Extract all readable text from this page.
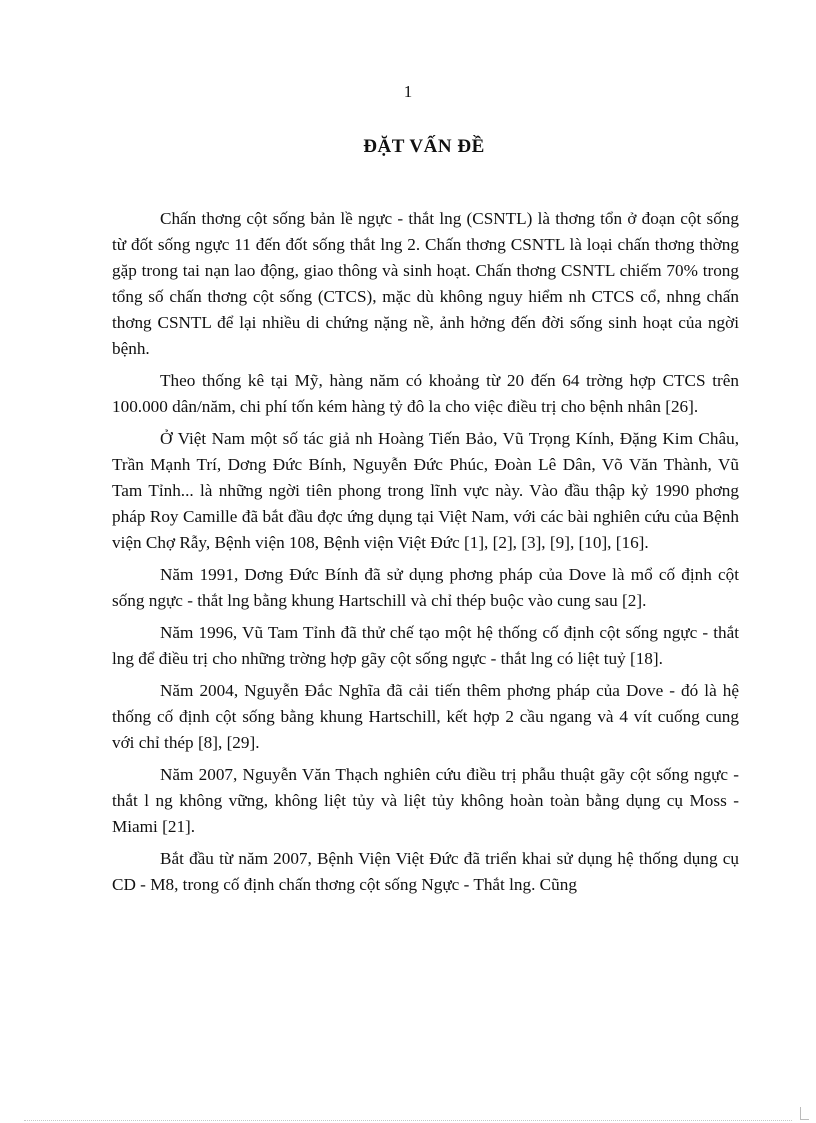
1
ĐẶT VẤN ĐỀ

Chấn thơng cột sống bản lề ngực - thắt lng (CSNTL) là thơng tổn ở đoạn cột sống từ đốt sống ngực 11 đến đốt sống thắt lng 2. Chấn thơng CSNTL là loại chấn thơng thờng gặp trong tai nạn lao động, giao thông và sinh hoạt. Chấn thơng CSNTL chiếm 70% trong tổng số chấn thơng cột sống (CTCS), mặc dù không nguy hiểm nh CTCS cổ, nhng chấn thơng CSNTL để lại nhiều di chứng nặng nề, ảnh hởng đến đời sống sinh hoạt của ngời bệnh.

Theo thống kê tại Mỹ, hàng năm có khoảng từ 20 đến 64 trờng hợp CTCS trên 100.000 dân/năm, chi phí tốn kém hàng tỷ đô la cho việc điều trị cho bệnh nhân [26].

Ở Việt Nam một số tác giả nh Hoàng Tiến Bảo, Vũ Trọng Kính, Đặng Kim Châu, Trần Mạnh Trí, Dơng Đức Bính, Nguyễn Đức Phúc, Đoàn Lê Dân, Võ Văn Thành, Vũ Tam Tỉnh... là những ngời tiên phong trong lĩnh vực này. Vào đầu thập kỷ 1990 phơng pháp Roy Camille đã bắt đầu đợc ứng dụng tại Việt Nam, với các bài nghiên cứu của Bệnh viện Chợ Rẫy, Bệnh viện 108, Bệnh viện Việt Đức [1], [2], [3], [9], [10], [16].

Năm 1991, Dơng Đức Bính đã sử dụng phơng pháp của Dove là mổ cố định cột sống ngực - thắt lng bằng khung Hartschill và chỉ thép buộc vào cung sau [2].

Năm 1996, Vũ Tam Tỉnh đã thử chế tạo một hệ thống cố định cột sống ngực - thắt lng để điều trị cho những trờng hợp gãy cột sống ngực - thắt lng có liệt tuỷ [18].

Năm 2004, Nguyễn Đắc Nghĩa đã cải tiến thêm phơng pháp của Dove - đó là hệ thống cố định cột sống bằng khung Hartschill, kết hợp 2 cầu ngang và 4 vít cuống cung với chỉ thép [8], [29].

Năm 2007, Nguyễn Văn Thạch nghiên cứu điều trị phẫu thuật gãy cột sống ngực - thắt l ng không vững, không liệt tủy và liệt tủy không hoàn toàn bằng dụng cụ Moss - Miami [21].

Bắt đầu từ năm 2007, Bệnh Viện Việt Đức đã triển khai sử dụng hệ thống dụng cụ CD - M8, trong cố định chấn thơng cột sống Ngực - Thắt lng. Cũng
